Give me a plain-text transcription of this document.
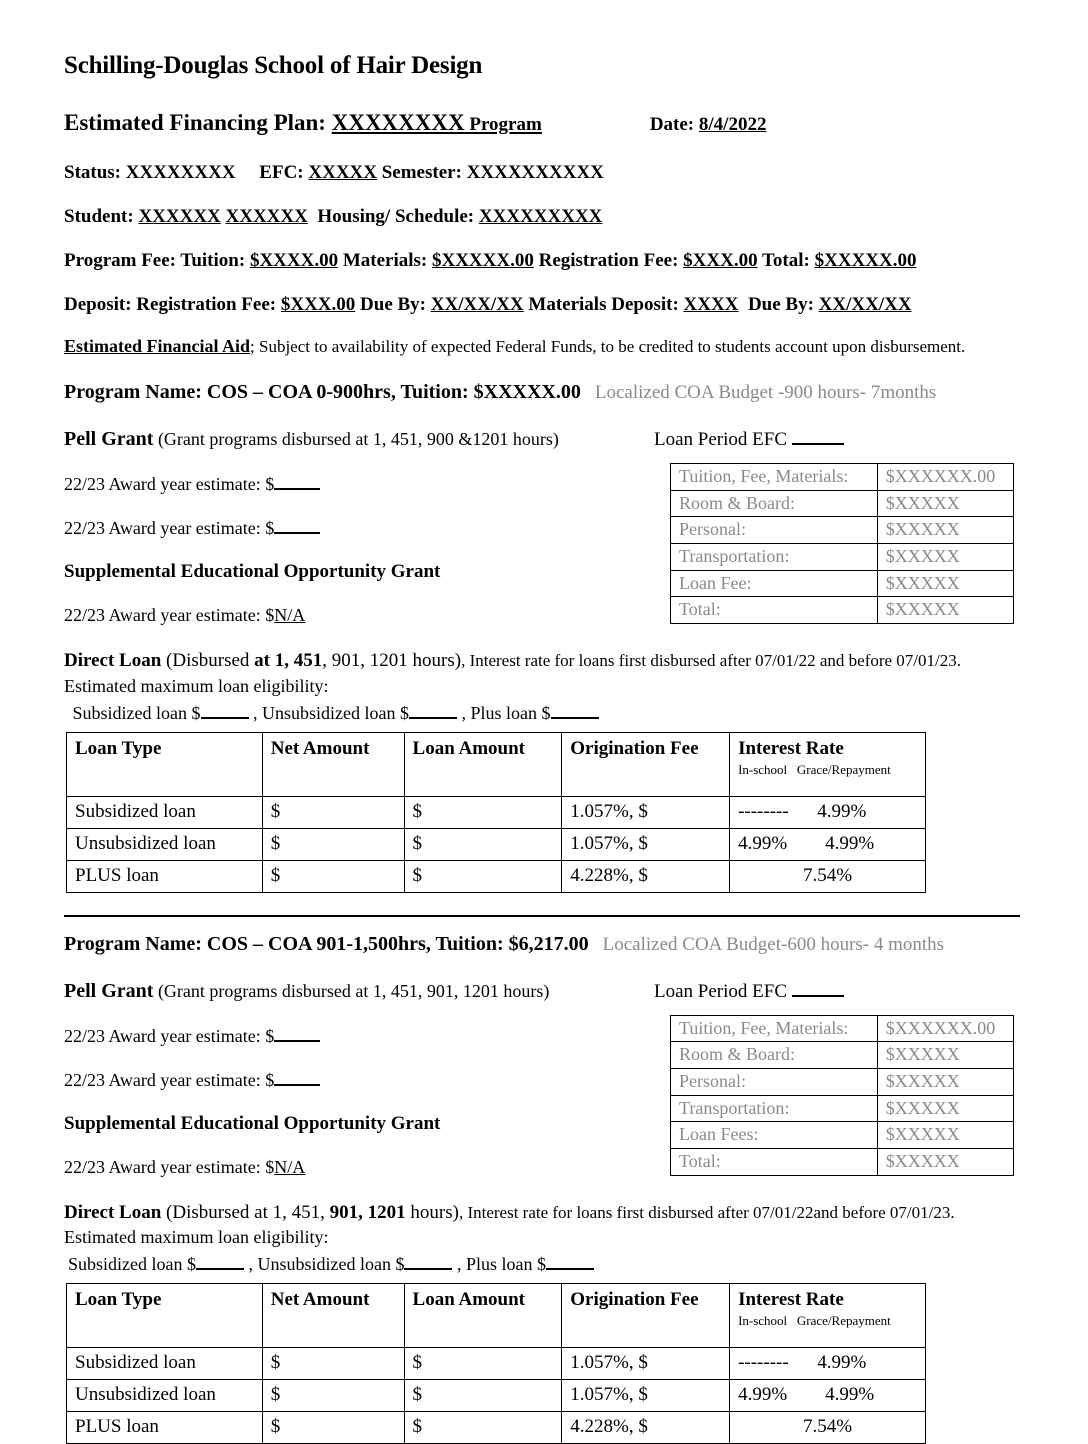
Schilling-Douglas School of Hair Design
Estimated Financing Plan: XXXXXXXX Program	Date: 8/4/2022
Status: XXXXXXXX EFC: XXXXX Semester: XXXXXXXXXX
Student: XXXXXX XXXXXX Housing/ Schedule: XXXXXXXXX
Program Fee: Tuition: $XXXX.00 Materials: $XXXXX.00 Registration Fee: $XXX.00 Total: $XXXXX.00
Deposit: Registration Fee: $XXX.00 Due By: XX/XX/XX Materials Deposit: XXXX Due By: XX/XX/XX
Estimated Financial Aid; Subject to availability of expected Federal Funds, to be credited to students account upon disbursement.
Program Name: COS – COA 0-900hrs, Tuition: $XXXXX.00 Localized COA Budget -900 hours- 7months
Pell Grant (Grant programs disbursed at 1, 451, 900 &1201 hours)
22/23 Award year estimate: $
22/23 Award year estimate: $
Supplemental Educational Opportunity Grant
22/23 Award year estimate: $N/A
Loan Period EFC
Tuition, Fee, Materials:	$XXXXXX.00
Room & Board:	$XXXXX
Personal:	$XXXXX
Transportation:	$XXXXX
Loan Fee:	$XXXXX
Total:	$XXXXX
Direct Loan (Disbursed at 1, 451, 901, 1201 hours), Interest rate for loans first disbursed after 07/01/22 and before 07/01/23.
Estimated maximum loan eligibility:
Subsidized loan $	, Unsubsidized loan $	, Plus loan $
Loan Type	Net Amount	Loan Amount	Origination Fee	Interest Rate
In-school Grace/Repayment

Subsidized loan	$	$	1.057%, $	-------- 4.99%
Unsubsidized loan	$	$	1.057%, $	4.99% 4.99%
PLUS loan	$	$	4.228%, $	7.54%
Program Name: COS – COA 901-1,500hrs, Tuition: $6,217.00 Localized COA Budget-600 hours- 4 months
Pell Grant (Grant programs disbursed at 1, 451, 901, 1201 hours)
22/23 Award year estimate: $
22/23 Award year estimate: $
Supplemental Educational Opportunity Grant
22/23 Award year estimate: $N/A
Loan Period EFC
Tuition, Fee, Materials:	$XXXXXX.00
Room & Board:	$XXXXX
Personal:	$XXXXX
Transportation:	$XXXXX
Loan Fees:	$XXXXX
Total:	$XXXXX
Direct Loan (Disbursed at 1, 451, 901, 1201 hours), Interest rate for loans first disbursed after 07/01/22and before 07/01/23.
Estimated maximum loan eligibility:
Subsidized loan $	, Unsubsidized loan $	, Plus loan $
Loan Type	Net Amount	Loan Amount	Origination Fee	Interest Rate
In-school Grace/Repayment

Subsidized loan	$	$	1.057%, $	-------- 4.99%
Unsubsidized loan	$	$	1.057%, $	4.99% 4.99%
PLUS loan	$	$	4.228%, $	7.54%
